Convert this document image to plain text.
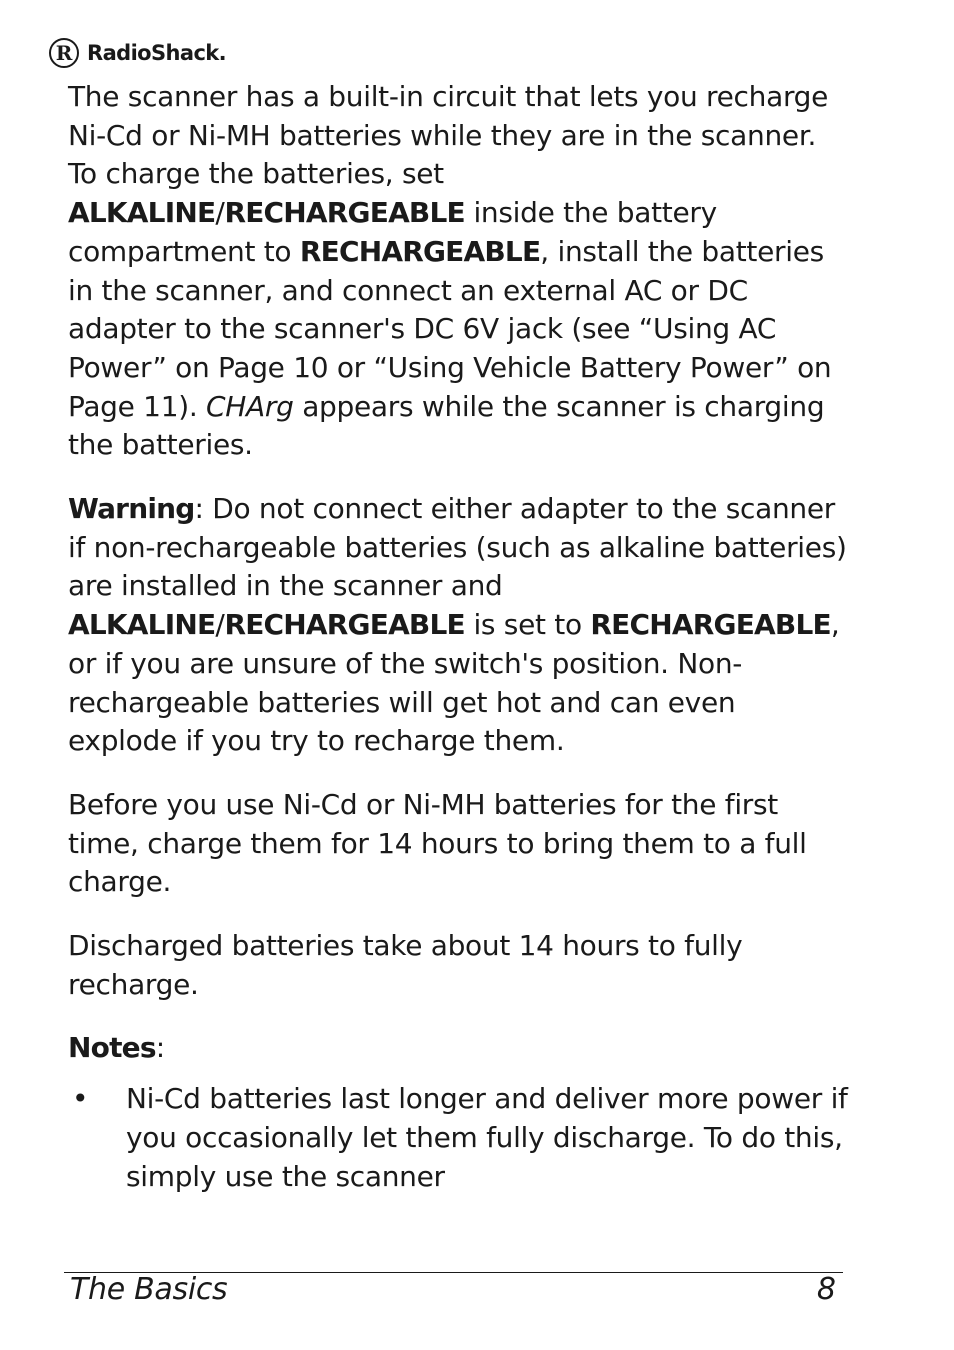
R RadioShack.

The scanner has a built-in circuit that lets you recharge Ni-Cd or Ni-MH batteries while they are in the scanner. To charge the batteries, set ALKALINE/RECHARGEABLE inside the battery compartment to RECHARGEABLE, install the batteries in the scanner, and connect an external AC or DC adapter to the scanner's DC 6V jack (see “Using AC Power” on Page 10 or “Using Vehicle Battery Power” on Page 11). CHArg appears while the scanner is charging the batteries.

Warning: Do not connect either adapter to the scanner if non-rechargeable batteries (such as alkaline batteries) are installed in the scanner and ALKALINE/RECHARGEABLE is set to RECHARGEABLE, or if you are unsure of the switch's position. Non-rechargeable batteries will get hot and can even explode if you try to recharge them.

Before you use Ni-Cd or Ni-MH batteries for the first time, charge them for 14 hours to bring them to a full charge.

Discharged batteries take about 14 hours to fully recharge.

Notes:

•	Ni-Cd batteries last longer and deliver more power if you occasionally let them fully discharge. To do this, simply use the scanner
The Basics	8
